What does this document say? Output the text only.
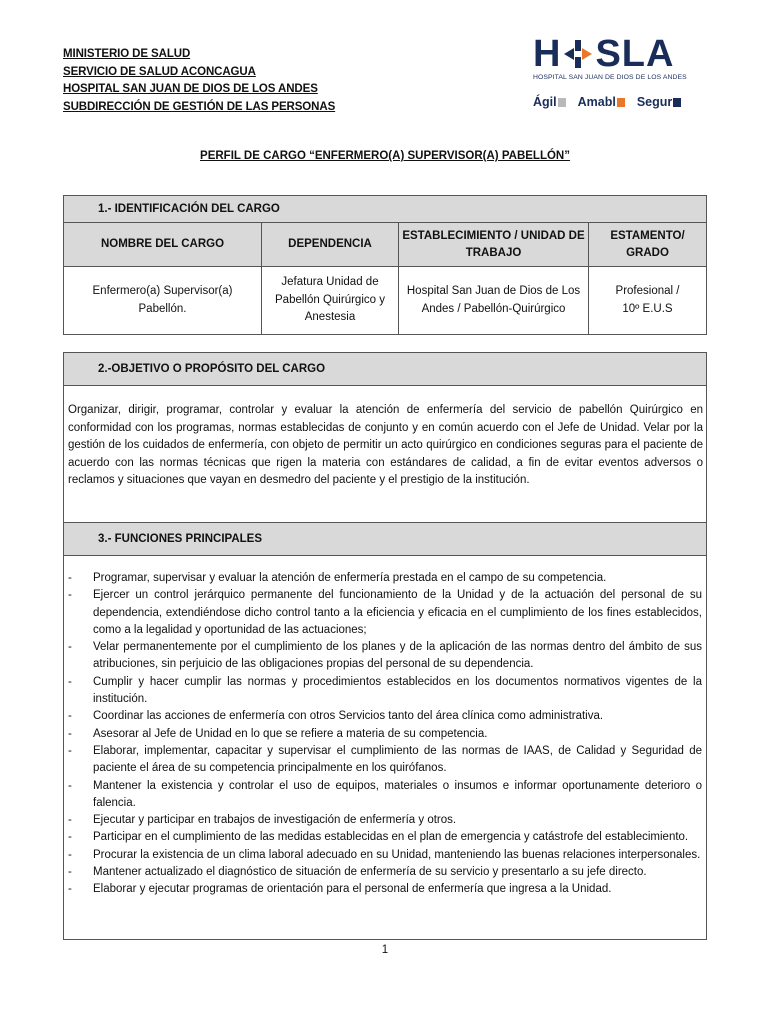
MINISTERIO DE SALUD
SERVICIO DE SALUD ACONCAGUA
HOSPITAL SAN JUAN DE DIOS DE LOS ANDES
SUBDIRECCIÓN DE GESTIÓN DE LAS PERSONAS
H SLA
HOSPITAL SAN JUAN DE DIOS DE LOS ANDES
Ágil	Amabl	Segur
PERFIL DE CARGO “ENFERMERO(A) SUPERVISOR(A) PABELLÓN”
1.- IDENTIFICACIÓN DEL CARGO			
NOMBRE DEL CARGO	DEPENDENCIA	ESTABLECIMIENTO / UNIDAD DE TRABAJO	ESTAMENTO/ GRADO
Enfermero(a) Supervisor(a) Pabellón.	Jefatura Unidad de Pabellón Quirúrgico y Anestesia	Hospital San Juan de Dios de Los Andes / Pabellón-Quirúrgico	Profesional / 10º E.U.S
2.-OBJETIVO O PROPÓSITO DEL CARGO
Organizar, dirigir, programar, controlar y evaluar la atención de enfermería del servicio de pabellón Quirúrgico en conformidad con los programas, normas establecidas de conjunto y en común acuerdo con el Jefe de Unidad. Velar por la gestión de los cuidados de enfermería, con objeto de permitir un acto quirúrgico en condiciones seguras para el paciente de acuerdo con las normas técnicas que rigen la materia con estándares de calidad, a fin de evitar eventos adversos o reclamos y situaciones que vayan en desmedro del paciente y el prestigio de la institución.
3.- FUNCIONES PRINCIPALES
-	Programar, supervisar y evaluar la atención de enfermería prestada en el campo de su competencia.
-	Ejercer un control jerárquico permanente del funcionamiento de la Unidad y de la actuación del personal de su dependencia, extendiéndose dicho control tanto a la eficiencia y eficacia en el cumplimiento de los fines establecidos, como a la legalidad y oportunidad de las actuaciones;
-	Velar permanentemente por el cumplimiento de los planes y de la aplicación de las normas dentro del ámbito de sus atribuciones, sin perjuicio de las obligaciones propias del personal de su dependencia.
-	Cumplir y hacer cumplir las normas y procedimientos establecidos en los documentos normativos vigentes de la institución.
-	Coordinar las acciones de enfermería con otros Servicios tanto del área clínica como administrativa.
-	Asesorar al Jefe de Unidad en lo que se refiere a materia de su competencia.
-	Elaborar, implementar, capacitar y supervisar el cumplimiento de las normas de IAAS, de Calidad y Seguridad de paciente el área de su competencia principalmente en los quirófanos.
-	Mantener la existencia y controlar el uso de equipos, materiales o insumos e informar oportunamente deterioro o falencia.
-	Ejecutar y participar en trabajos de investigación de enfermería y otros.
-	Participar en el cumplimiento de las medidas establecidas en el plan de emergencia y catástrofe del establecimiento.
-	Procurar la existencia de un clima laboral adecuado en su Unidad, manteniendo las buenas relaciones interpersonales.
-	Mantener actualizado el diagnóstico de situación de enfermería de su servicio y presentarlo a su jefe directo.
-	Elaborar y ejecutar programas de orientación para el personal de enfermería que ingresa a la Unidad.
1
